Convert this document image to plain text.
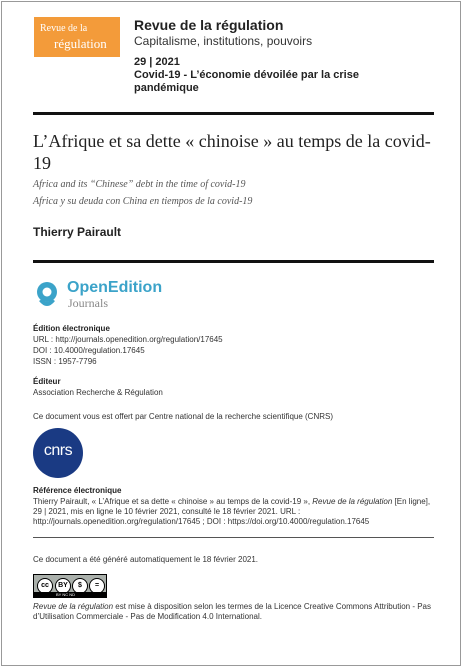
Revue de la
régulation
Revue de la régulation
Capitalisme, institutions, pouvoirs
29 | 2021
Covid-19 - L’économie dévoilée par la crise pandémique
L’Afrique et sa dette « chinoise » au temps de la covid-19
Africa and its “Chinese” debt in the time of covid-19
Africa y su deuda con China en tiempos de la covid-19
Thierry Pairault
OpenEdition
Journals
Édition électronique
URL : http://journals.openedition.org/regulation/17645
DOI : 10.4000/regulation.17645
ISSN : 1957-7796
Éditeur
Association Recherche & Régulation
Ce document vous est offert par Centre national de la recherche scientifique (CNRS)
cnrs
Référence électronique
Thierry Pairault, « L’Afrique et sa dette « chinoise » au temps de la covid-19 », Revue de la régulation [En ligne], 29 | 2021, mis en ligne le 10 février 2021, consulté le 18 février 2021. URL : http://journals.openedition.org/regulation/17645 ; DOI : https://doi.org/10.4000/regulation.17645
Ce document a été généré automatiquement le 18 février 2021.
cc	BY	$	=
BY NC ND
Revue de la régulation est mise à disposition selon les termes de la Licence Creative Commons Attribution - Pas d’Utilisation Commerciale - Pas de Modification 4.0 International.
